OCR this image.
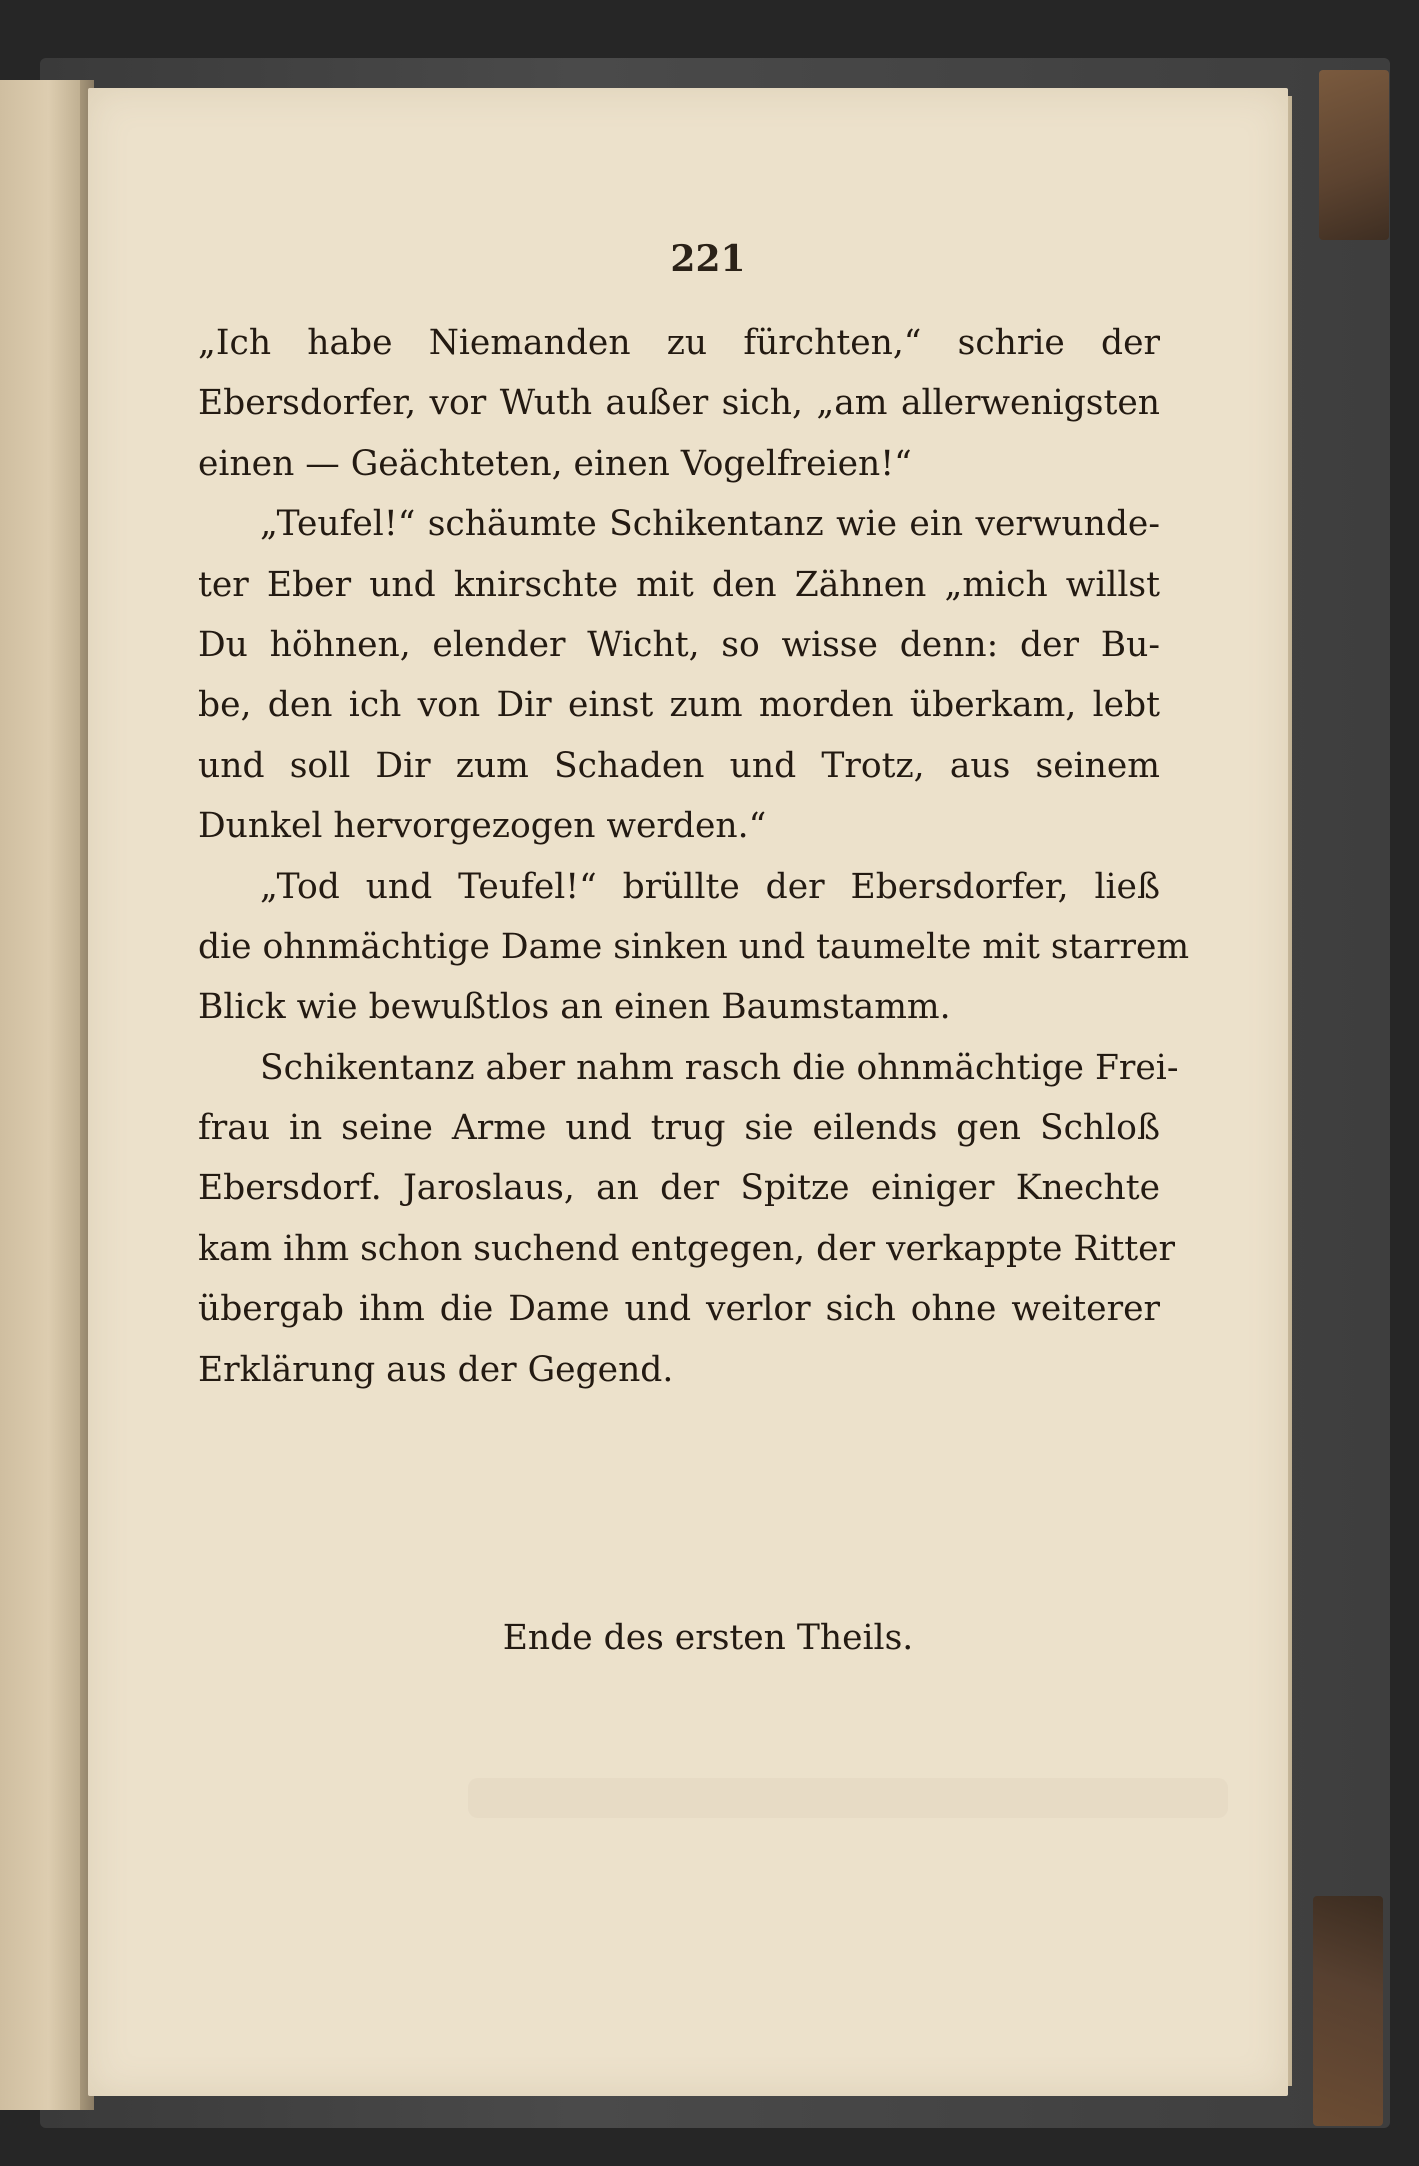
221
„Ich habe Niemanden zu fürchten,“ schrie der
Ebersdorfer, vor Wuth außer sich, „am allerwenigsten
einen — Geächteten, einen Vogelfreien!“
„Teufel!“ schäumte Schikentanz wie ein verwunde-
ter Eber und knirschte mit den Zähnen „mich willst
Du höhnen, elender Wicht, so wisse denn: der Bu-
be, den ich von Dir einst zum morden überkam, lebt
und soll Dir zum Schaden und Trotz, aus seinem
Dunkel hervorgezogen werden.“
„Tod und Teufel!“ brüllte der Ebersdorfer, ließ
die ohnmächtige Dame sinken und taumelte mit starrem
Blick wie bewußtlos an einen Baumstamm.
Schikentanz aber nahm rasch die ohnmächtige Frei-
frau in seine Arme und trug sie eilends gen Schloß
Ebersdorf. Jaroslaus, an der Spitze einiger Knechte
kam ihm schon suchend entgegen, der verkappte Ritter
übergab ihm die Dame und verlor sich ohne weiterer
Erklärung aus der Gegend.
Ende des ersten Theils.
